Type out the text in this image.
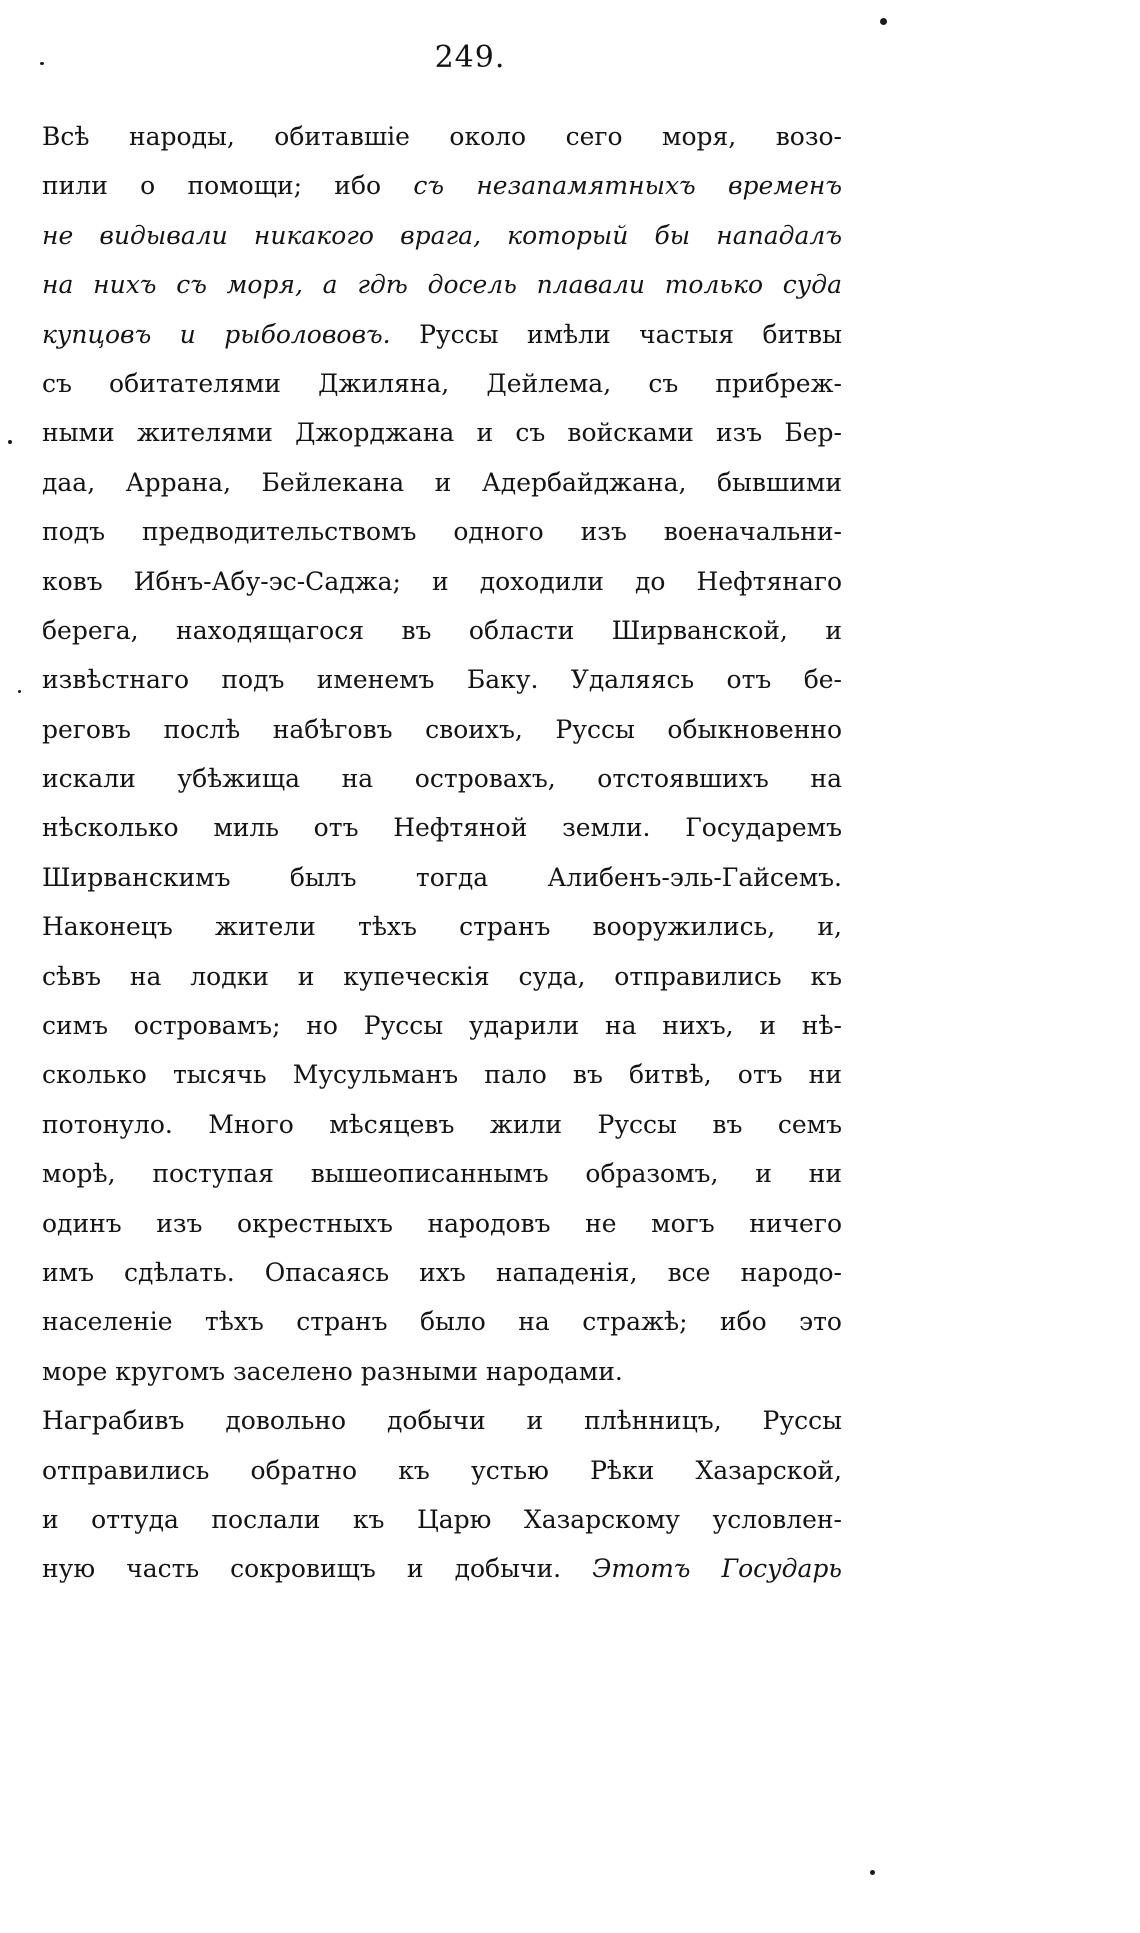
249.
Всѣ народы, обитавшіе около сего моря, возо-
пили о помощи; ибо съ незапамятныхъ временъ
не видывали никакого врага, который бы нападалъ
на нихъ съ моря, а гдѣ досель плавали только суда
купцовъ и рыболововъ. Руссы имѣли частыя битвы
съ обитателями Джиляна, Дейлема, съ прибреж-
ными жителями Джорджана и съ войсками изъ Бер-
даа, Аррана, Бейлекана и Адербайджана, бывшими
подъ предводительствомъ одного изъ военачальни-
ковъ Ибнъ-Абу-эс-Саджа; и доходили до Нефтянаго
берега, находящагося въ области Ширванской, и
извѣстнаго подъ именемъ Баку. Удаляясь отъ бе-
реговъ послѣ набѣговъ своихъ, Руссы обыкновенно
искали убѣжища на островахъ, отстоявшихъ на
нѣсколько миль отъ Нефтяной земли. Государемъ
Ширванскимъ былъ тогда Алибенъ-эль-Гайсемъ.
Наконецъ жители тѣхъ странъ вооружились, и,
сѣвъ на лодки и купеческія суда, отправились къ
симъ островамъ; но Руссы ударили на нихъ, и нѣ-
сколько тысячь Мусульманъ пало въ битвѣ, отъ ни
потонуло. Много мѣсяцевъ жили Руссы въ семъ
морѣ, поступая вышеописаннымъ образомъ, и ни
одинъ изъ окрестныхъ народовъ не могъ ничего
имъ сдѣлать. Опасаясь ихъ нападенія, все народо-
населеніе тѣхъ странъ было на стражѣ; ибо это
море кругомъ заселено разными народами.
Награбивъ довольно добычи и плѣнницъ, Руссы
отправились обратно къ устью Рѣки Хазарской,
и оттуда послали къ Царю Хазарскому условлен-
ную часть сокровищъ и добычи. Этотъ Государь
